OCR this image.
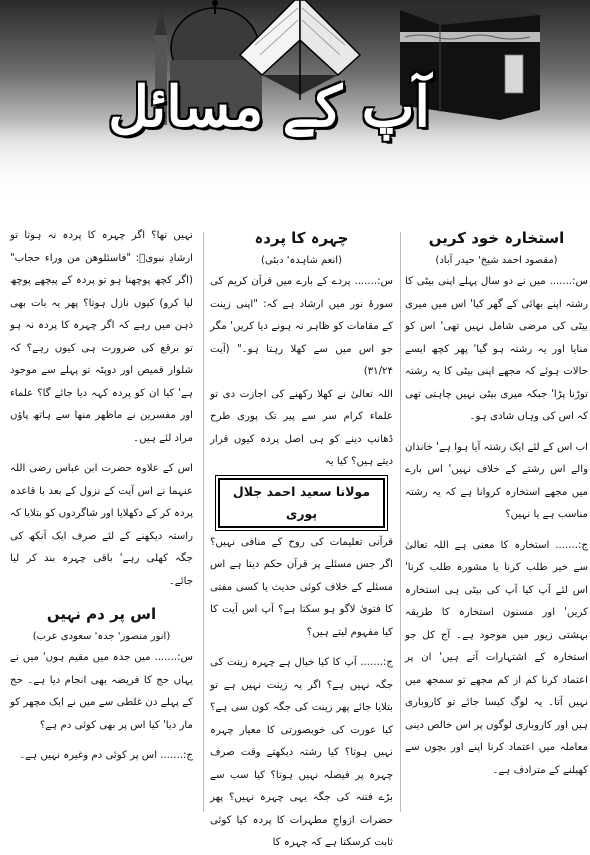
آپ کے مسائل
استخارہ خود کریں
(مقصود احمد شیخ' حیدر آباد)

س:....... میں نے دو سال پہلے اپنی بیٹی کا رشتہ اپنے بھائی کے گھر کیا' اس میں میری بیٹی کی مرضی شامل نہیں تھی' اس کو منایا اور یہ رشتہ ہو گیا' پھر کچھ ایسے حالات ہوئے کہ مجھے اپنی بیٹی کا یہ رشتہ توڑنا پڑا' جبکہ میری بیٹی نہیں چاہتی تھی کہ اس کی وہاں شادی ہو۔

اب اس کے لئے ایک رشتہ آیا ہوا ہے' خاندان والے اس رشتے کے خلاف نہیں' اس بارے میں مجھے استخارہ کروانا ہے کہ یہ رشتہ مناسب ہے یا نہیں؟

ج:....... استخارہ کا معنی ہے اللہ تعالیٰ سے خیر طلب کرنا یا مشورہ طلب کرنا' اس لئے آپ کیا آپ کی بیٹی ہی استخارہ کریں' اور مسنون استخارہ کا طریقہ بہشتی زیور میں موجود ہے۔ آج کل جو استخارہ کے اشتہارات آتے ہیں' ان پر اعتماد کرنا کم از کم مجھے تو سمجھ میں نہیں آتا۔ یہ لوگ کیسا جائے تو کاروباری ہیں اور کاروباری لوگوں پر اس خالص دینی معاملہ میں اعتماد کرنا اپنے اور بچوں سے کھیلنے کے مترادف ہے۔

چہرہ کا پردہ
(انعم شاہدہ' دبئی)

س:....... پردے کے بارے میں قرآن کریم کی سورۂ نور میں ارشاد ہے کہ: "اپنی زینت کے مقامات کو ظاہر نہ ہونے دیا کریں' مگر جو اس میں سے کھلا رہتا ہو۔" (آیت ۳۱/۲۴)

اللہ تعالیٰ نے کھلا رکھنے کی اجازت دی تو علماء کرام سر سے پیر تک پوری طرح ڈھانپ دینے کو ہی اصل پردہ کیوں قرار دیتے ہیں؟ کیا یہ

مولانا سعید احمد جلال پوری

قرآنی تعلیمات کی روح کے منافی نہیں؟ اگر جس مسئلے پر قرآن حکم دیتا ہے اس مسئلے کے خلاف کوئی حدیث یا کسی مفتی کا فتویٰ لاگو ہو سکتا ہے؟ آپ اس آیت کا کیا مفہوم لیتے ہیں؟

ج:....... آپ کا کیا خیال ہے چہرہ زینت کی جگہ نہیں ہے؟ اگر یہ زینت نہیں ہے تو بتلایا جائے پھر زینت کی جگہ کون سی ہے؟ کیا عورت کی خوبصورتی کا معیار چہرہ نہیں ہوتا؟ کیا رشتہ دیکھتے وقت صرف چہرہ پر فیصلہ نہیں ہوتا؟ کیا سب سے بڑے فتنہ کی جگہ یہی چہرہ نہیں؟ پھر حضرات ازواجِ مطہرات کا پردہ کیا کوئی ثابت کرسکتا ہے کہ چہرہ کا

نہیں تھا؟ اگر چہرہ کا پردہ نہ ہوتا تو ارشادِ نبویؐ: "فاسئلوھن من وراء حجاب" (اگر کچھ پوچھنا ہو تو پردہ کے پیچھے پوچھ لیا کرو) کیوں نازل ہوتا؟ پھر یہ بات بھی ذہن میں رہے کہ اگر چہرہ کا پردہ نہ ہو تو برقع کی ضرورت ہی کیوں رہے؟ کہ شلوار قمیص اور دوپٹہ تو پہلے سے موجود ہے' کیا ان کو پردہ کہہ دیا جائے گا؟ علماء اور مفسرین نے ماظھر منھا سے ہاتھ پاؤں مراد لئے ہیں۔

اس کے علاوہ حضرت ابن عباس رضی اللہ عنہما نے اس آیت کے نزول کے بعد با قاعدہ پردہ کر کے دکھلایا اور شاگردوں کو بتلایا کہ راستہ دیکھنے کے لئے صرف ایک آنکھ کی جگہ کھلی رہے' باقی چہرہ بند کر لیا جائے۔

اس پر دم نہیں
(انور منصور' جدہ' سعودی عرب)

س:....... میں جدہ میں مقیم ہوں' میں نے یہاں حج کا فریضہ بھی انجام دیا ہے۔ حج کے پہلے دن غلطی سے میں نے ایک مچھر کو مار دیا' کیا اس پر بھی کوئی دم ہے؟

ج:....... اس پر کوئی دم وغیرہ نہیں ہے۔
